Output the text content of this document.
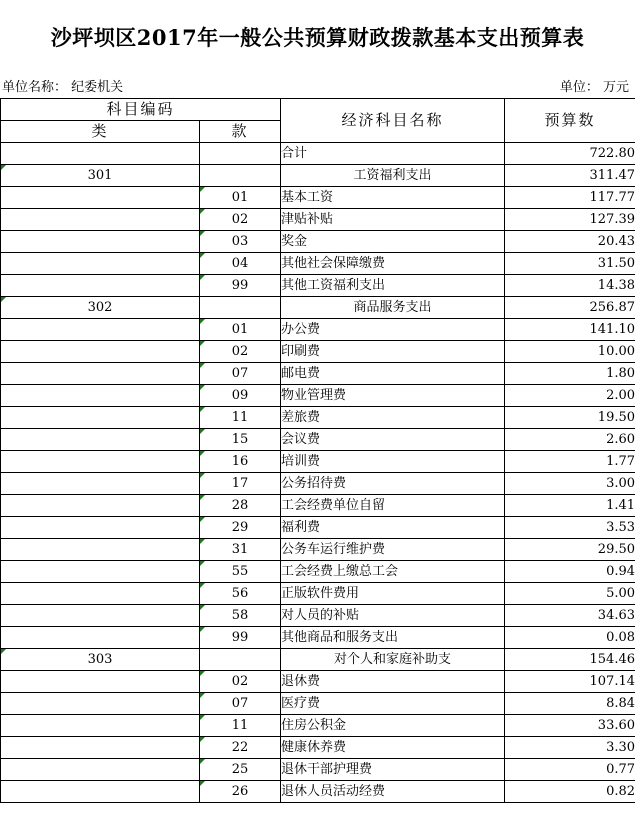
沙坪坝区2017年一般公共预算财政拨款基本支出预算表
单位名称： 纪委机关	单位： 万元
科目编码		经济科目名称	预算数
类	款		
		合计	722.80
301		工资福利支出	311.47
	01	基本工资	117.77
	02	津贴补贴	127.39
	03	奖金	20.43
	04	其他社会保障缴费	31.50
	99	其他工资福利支出	14.38
302		商品服务支出	256.87
	01	办公费	141.10
	02	印刷费	10.00
	07	邮电费	1.80
	09	物业管理费	2.00
	11	差旅费	19.50
	15	会议费	2.60
	16	培训费	1.77
	17	公务招待费	3.00
	28	工会经费单位自留	1.41
	29	福利费	3.53
	31	公务车运行维护费	29.50
	55	工会经费上缴总工会	0.94
	56	正版软件费用	5.00
	58	对人员的补贴	34.63
	99	其他商品和服务支出	0.08
303		对个人和家庭补助支	154.46
	02	退休费	107.14
	07	医疗费	8.84
	11	住房公积金	33.60
	22	健康休养费	3.30
	25	退休干部护理费	0.77
	26	退休人员活动经费	0.82
